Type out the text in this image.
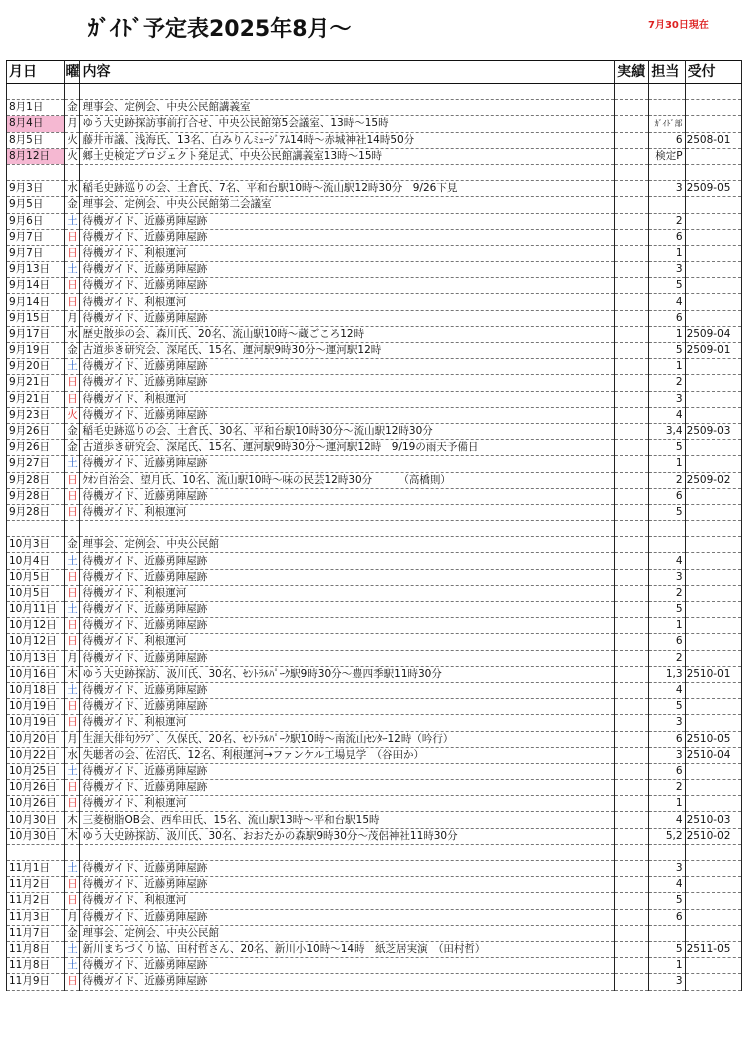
ｶﾞｲﾄﾞ予定表2025年8月～	7月30日現在
月日	曜	内容	実績	担当	受付

8月1日	金	理事会、定例会、中央公民館講義室			
8月4日	月	ゆう大史跡探訪事前打合せ、中央公民館第5会議室、13時～15時		ｶﾞｲﾄﾞ部	
8月5日	火	藤井市議、浅海氏、13名、白みりんﾐｭｰｼﾞｱﾑ14時～赤城神社14時50分		6	2508-01
8月12日	火	郷土史検定プロジェクト発足式、中央公民館講義室13時～15時		検定P	

9月3日	水	稲毛史跡巡りの会、土倉氏、7名、平和台駅10時～流山駅12時30分　9/26下見		3	2509-05
9月5日	金	理事会、定例会、中央公民館第二会議室			
9月6日	土	待機ガイド、近藤勇陣屋跡		2	
9月7日	日	待機ガイド、近藤勇陣屋跡		6	
9月7日	日	待機ガイド、利根運河		1	
9月13日	土	待機ガイド、近藤勇陣屋跡		3	
9月14日	日	待機ガイド、近藤勇陣屋跡		5	
9月14日	日	待機ガイド、利根運河		4	
9月15日	月	待機ガイド、近藤勇陣屋跡		6	
9月17日	水	歴史散歩の会、森川氏、20名、流山駅10時～蔵ごころ12時		1	2509-04
9月19日	金	古道歩き研究会、深尾氏、15名、運河駅9時30分～運河駅12時		5	2509-01
9月20日	土	待機ガイド、近藤勇陣屋跡		1	
9月21日	日	待機ガイド、近藤勇陣屋跡		2	
9月21日	日	待機ガイド、利根運河		3	
9月23日	火	待機ガイド、近藤勇陣屋跡		4	
9月26日	金	稲毛史跡巡りの会、土倉氏、30名、平和台駅10時30分～流山駅12時30分		3,4	2509-03
9月26日	金	古道歩き研究会、深尾氏、15名、運河駅9時30分～運河駅12時　9/19の雨天予備日		5	
9月27日	土	待機ガイド、近藤勇陣屋跡		1	
9月28日	日	ｸｵﾝ自治会、望月氏、10名、流山駅10時～味の民芸12時30分　　　（高橋則）		2	2509-02
9月28日	日	待機ガイド、近藤勇陣屋跡		6	
9月28日	日	待機ガイド、利根運河		5	

10月3日	金	理事会、定例会、中央公民館			
10月4日	土	待機ガイド、近藤勇陣屋跡		4	
10月5日	日	待機ガイド、近藤勇陣屋跡		3	
10月5日	日	待機ガイド、利根運河		2	
10月11日	土	待機ガイド、近藤勇陣屋跡		5	
10月12日	日	待機ガイド、近藤勇陣屋跡		1	
10月12日	日	待機ガイド、利根運河		6	
10月13日	月	待機ガイド、近藤勇陣屋跡		2	
10月16日	木	ゆう大史跡探訪、汲川氏、30名、ｾﾝﾄﾗﾙﾊﾟｰｸ駅9時30分～豊四季駅11時30分		1,3	2510-01
10月18日	土	待機ガイド、近藤勇陣屋跡		4	
10月19日	日	待機ガイド、近藤勇陣屋跡		5	
10月19日	日	待機ガイド、利根運河		3	
10月20日	月	生涯大俳句ｸﾗﾌﾞ、久保氏、20名、ｾﾝﾄﾗﾙﾊﾟｰｸ駅10時～南流山ｾﾝﾀｰ12時（吟行）		6	2510-05
10月22日	水	失聴者の会、佐沼氏、12名、利根運河→ファンケル工場見学　（谷田か）		3	2510-04
10月25日	土	待機ガイド、近藤勇陣屋跡		6	
10月26日	日	待機ガイド、近藤勇陣屋跡		2	
10月26日	日	待機ガイド、利根運河		1	
10月30日	木	三菱樹脂OB会、西牟田氏、15名、流山駅13時～平和台駅15時		4	2510-03
10月30日	木	ゆう大史跡探訪、汲川氏、30名、おおたかの森駅9時30分～茂侶神社11時30分		5,2	2510-02

11月1日	土	待機ガイド、近藤勇陣屋跡		3	
11月2日	日	待機ガイド、近藤勇陣屋跡		4	
11月2日	日	待機ガイド、利根運河		5	
11月3日	月	待機ガイド、近藤勇陣屋跡		6	
11月7日	金	理事会、定例会、中央公民館			
11月8日	土	新川まちづくり協、田村哲さん、20名、新川小10時～14時　紙芝居実演　（田村哲）		5	2511-05
11月8日	土	待機ガイド、近藤勇陣屋跡		1	
11月9日	日	待機ガイド、近藤勇陣屋跡		3	
